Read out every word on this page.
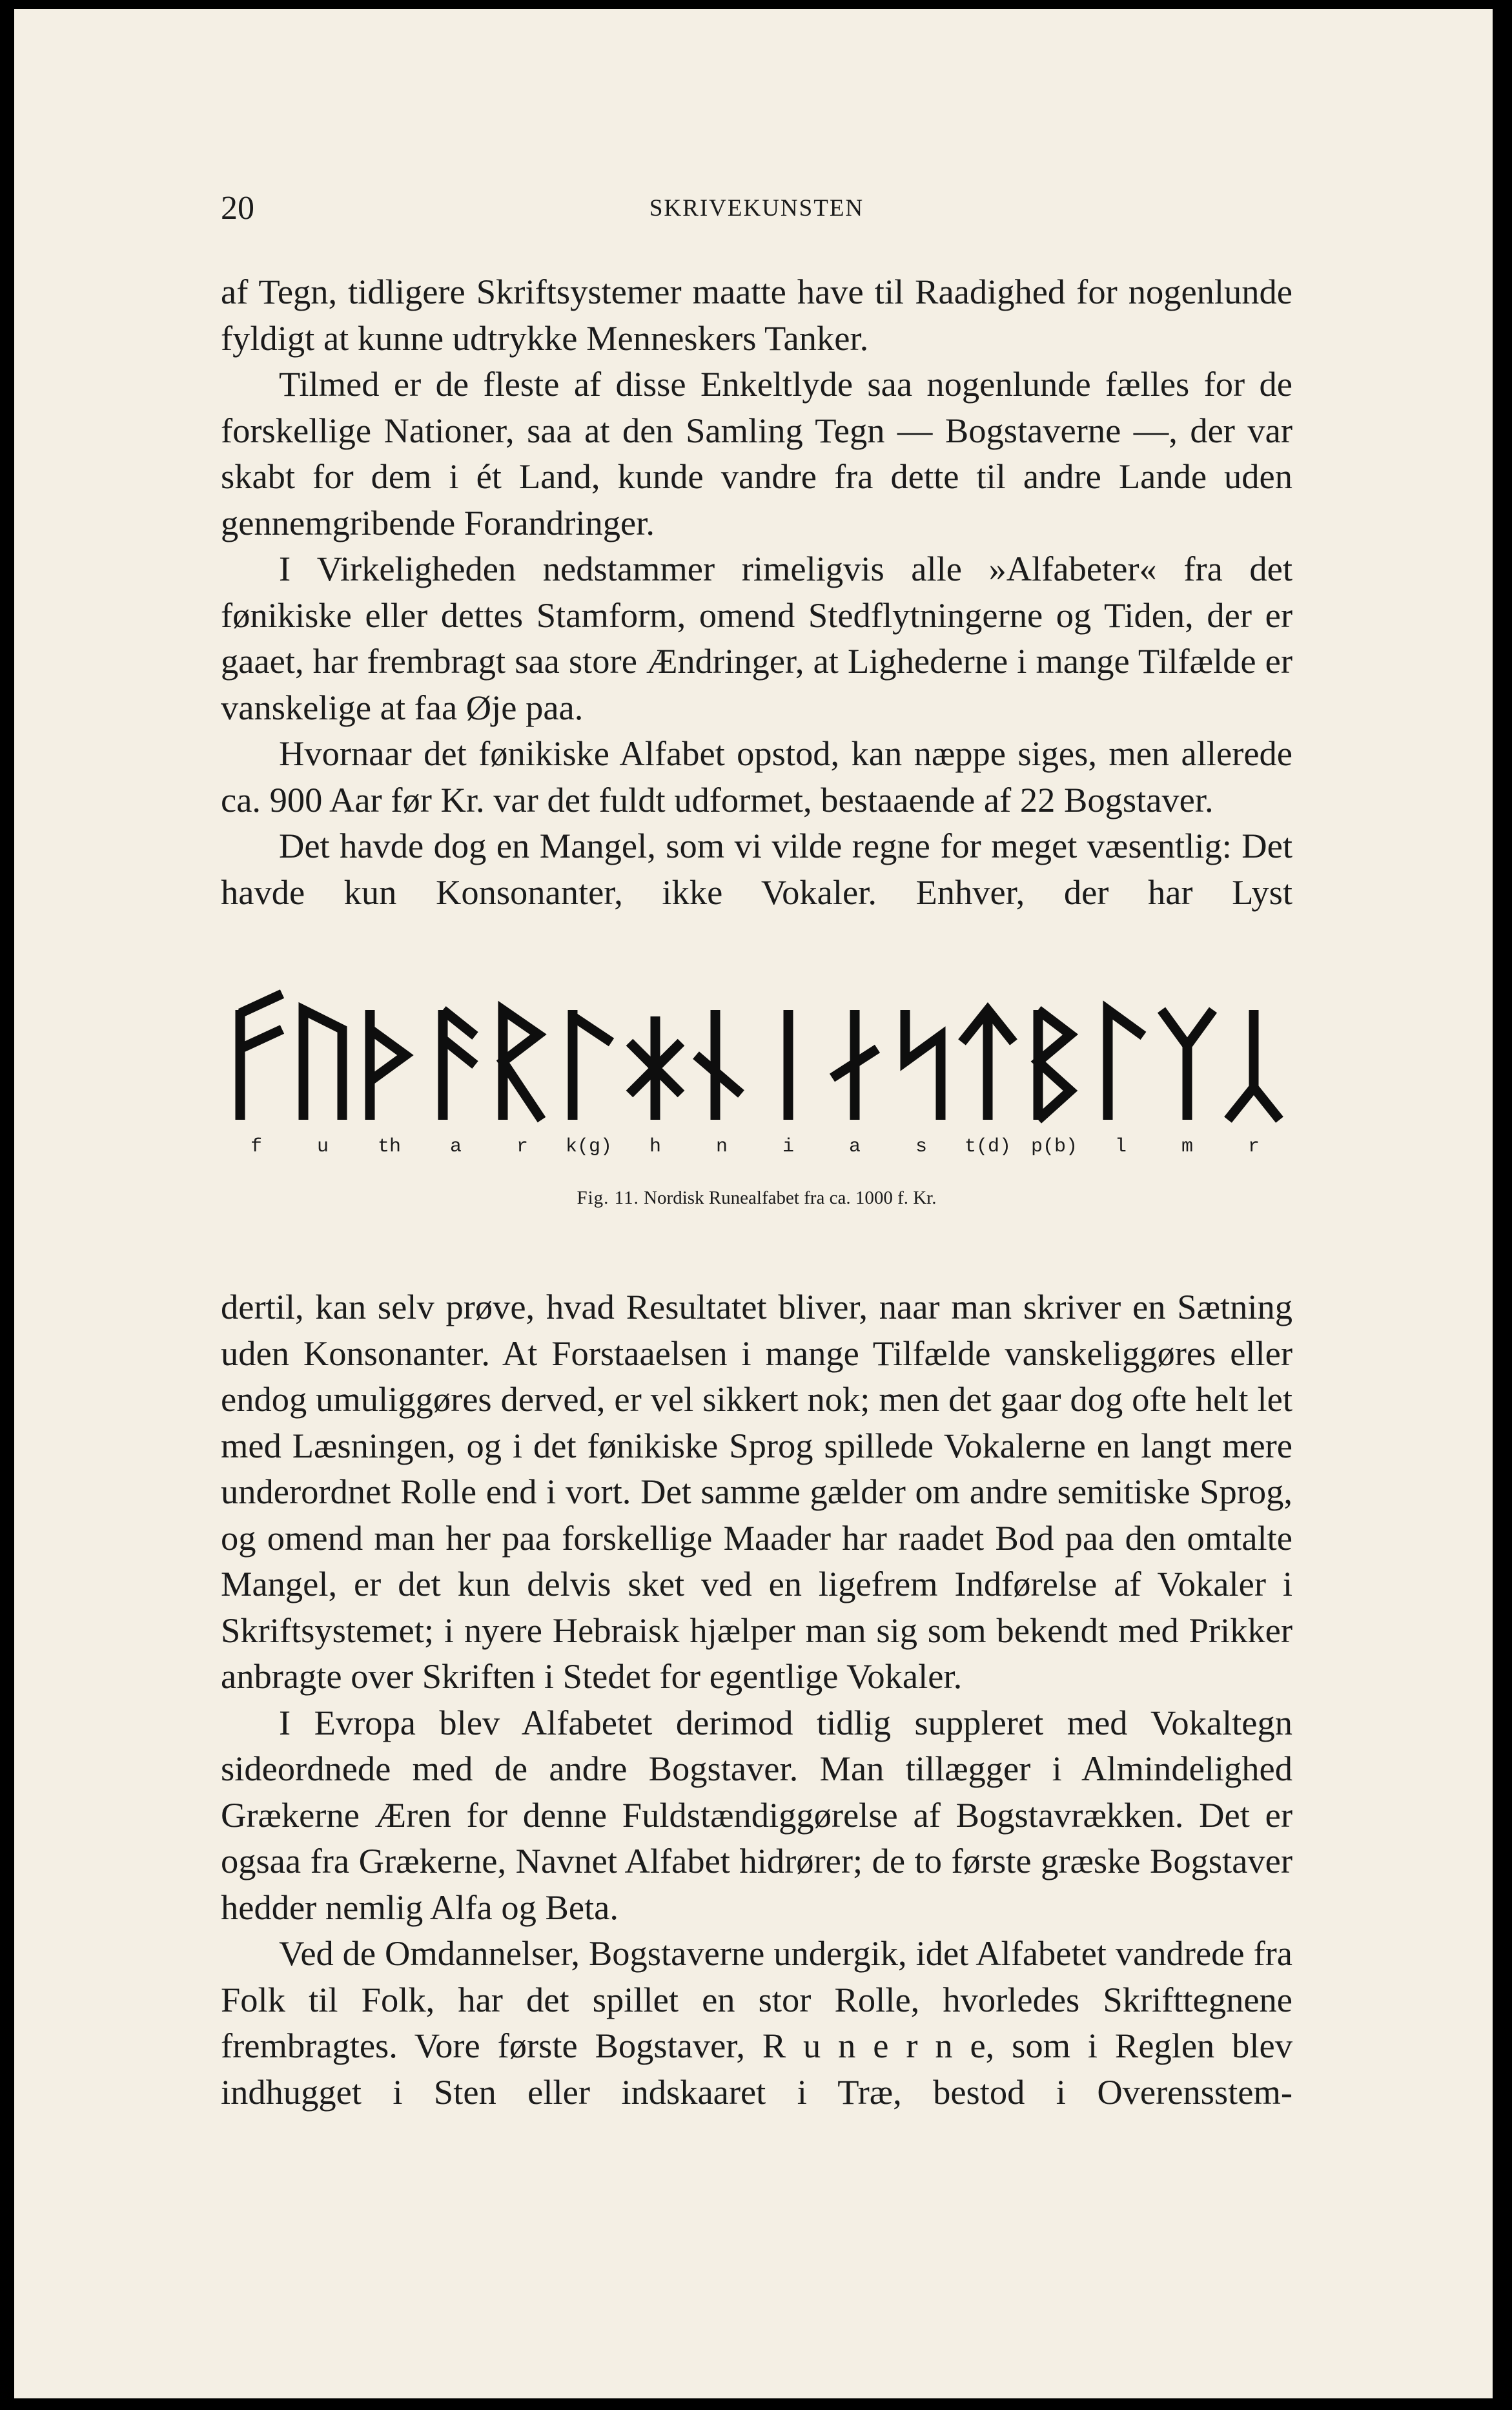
20	SKRIVEKUNSTEN

af Tegn, tidligere Skriftsystemer maatte have til Raadighed for nogenlunde fyldigt at kunne udtrykke Menneskers Tanker.

Tilmed er de fleste af disse Enkeltlyde saa nogenlunde fælles for de forskellige Nationer, saa at den Samling Tegn — Bogstaverne —, der var skabt for dem i ét Land, kunde vandre fra dette til andre Lande uden gennemgribende Forandringer.

I Virkeligheden nedstammer rimeligvis alle »Alfabeter« fra det fønikiske eller dettes Stamform, omend Stedflytningerne og Tiden, der er gaaet, har frembragt saa store Ændringer, at Lighederne i mange Tilfælde er vanskelige at faa Øje paa.

Hvornaar det fønikiske Alfabet opstod, kan næppe siges, men allerede ca. 900 Aar før Kr. var det fuldt udformet, bestaaende af 22 Bogstaver.

Det havde dog en Mangel, som vi vilde regne for meget væsentlig: Det havde kun Konsonanter, ikke Vokaler. Enhver, der har Lyst

f	u	th	a	r	k(g)	h	n	i	a	s	t(d)	p(b)	l	m	r
Fig. 11. Nordisk Runealfabet fra ca. 1000 f. Kr.

dertil, kan selv prøve, hvad Resultatet bliver, naar man skriver en Sætning uden Konsonanter. At Forstaaelsen i mange Tilfælde vanskeliggøres eller endog umuliggøres derved, er vel sikkert nok; men det gaar dog ofte helt let med Læsningen, og i det fønikiske Sprog spillede Vokalerne en langt mere underordnet Rolle end i vort. Det samme gælder om andre semitiske Sprog, og omend man her paa forskellige Maader har raadet Bod paa den omtalte Mangel, er det kun delvis sket ved en ligefrem Indførelse af Vokaler i Skriftsystemet; i nyere Hebraisk hjælper man sig som bekendt med Prikker anbragte over Skriften i Stedet for egentlige Vokaler.

I Evropa blev Alfabetet derimod tidlig suppleret med Vokaltegn sideordnede med de andre Bogstaver. Man tillægger i Almindelighed Grækerne Æren for denne Fuldstændiggørelse af Bogstavrækken. Det er ogsaa fra Grækerne, Navnet Alfabet hidrører; de to første græske Bogstaver hedder nemlig Alfa og Beta.

Ved de Omdannelser, Bogstaverne undergik, idet Alfabetet vandrede fra Folk til Folk, har det spillet en stor Rolle, hvorledes Skrifttegnene frembragtes. Vore første Bogstaver, R u n e r n e, som i Reglen blev indhugget i Sten eller indskaaret i Træ, bestod i Overensstem-
